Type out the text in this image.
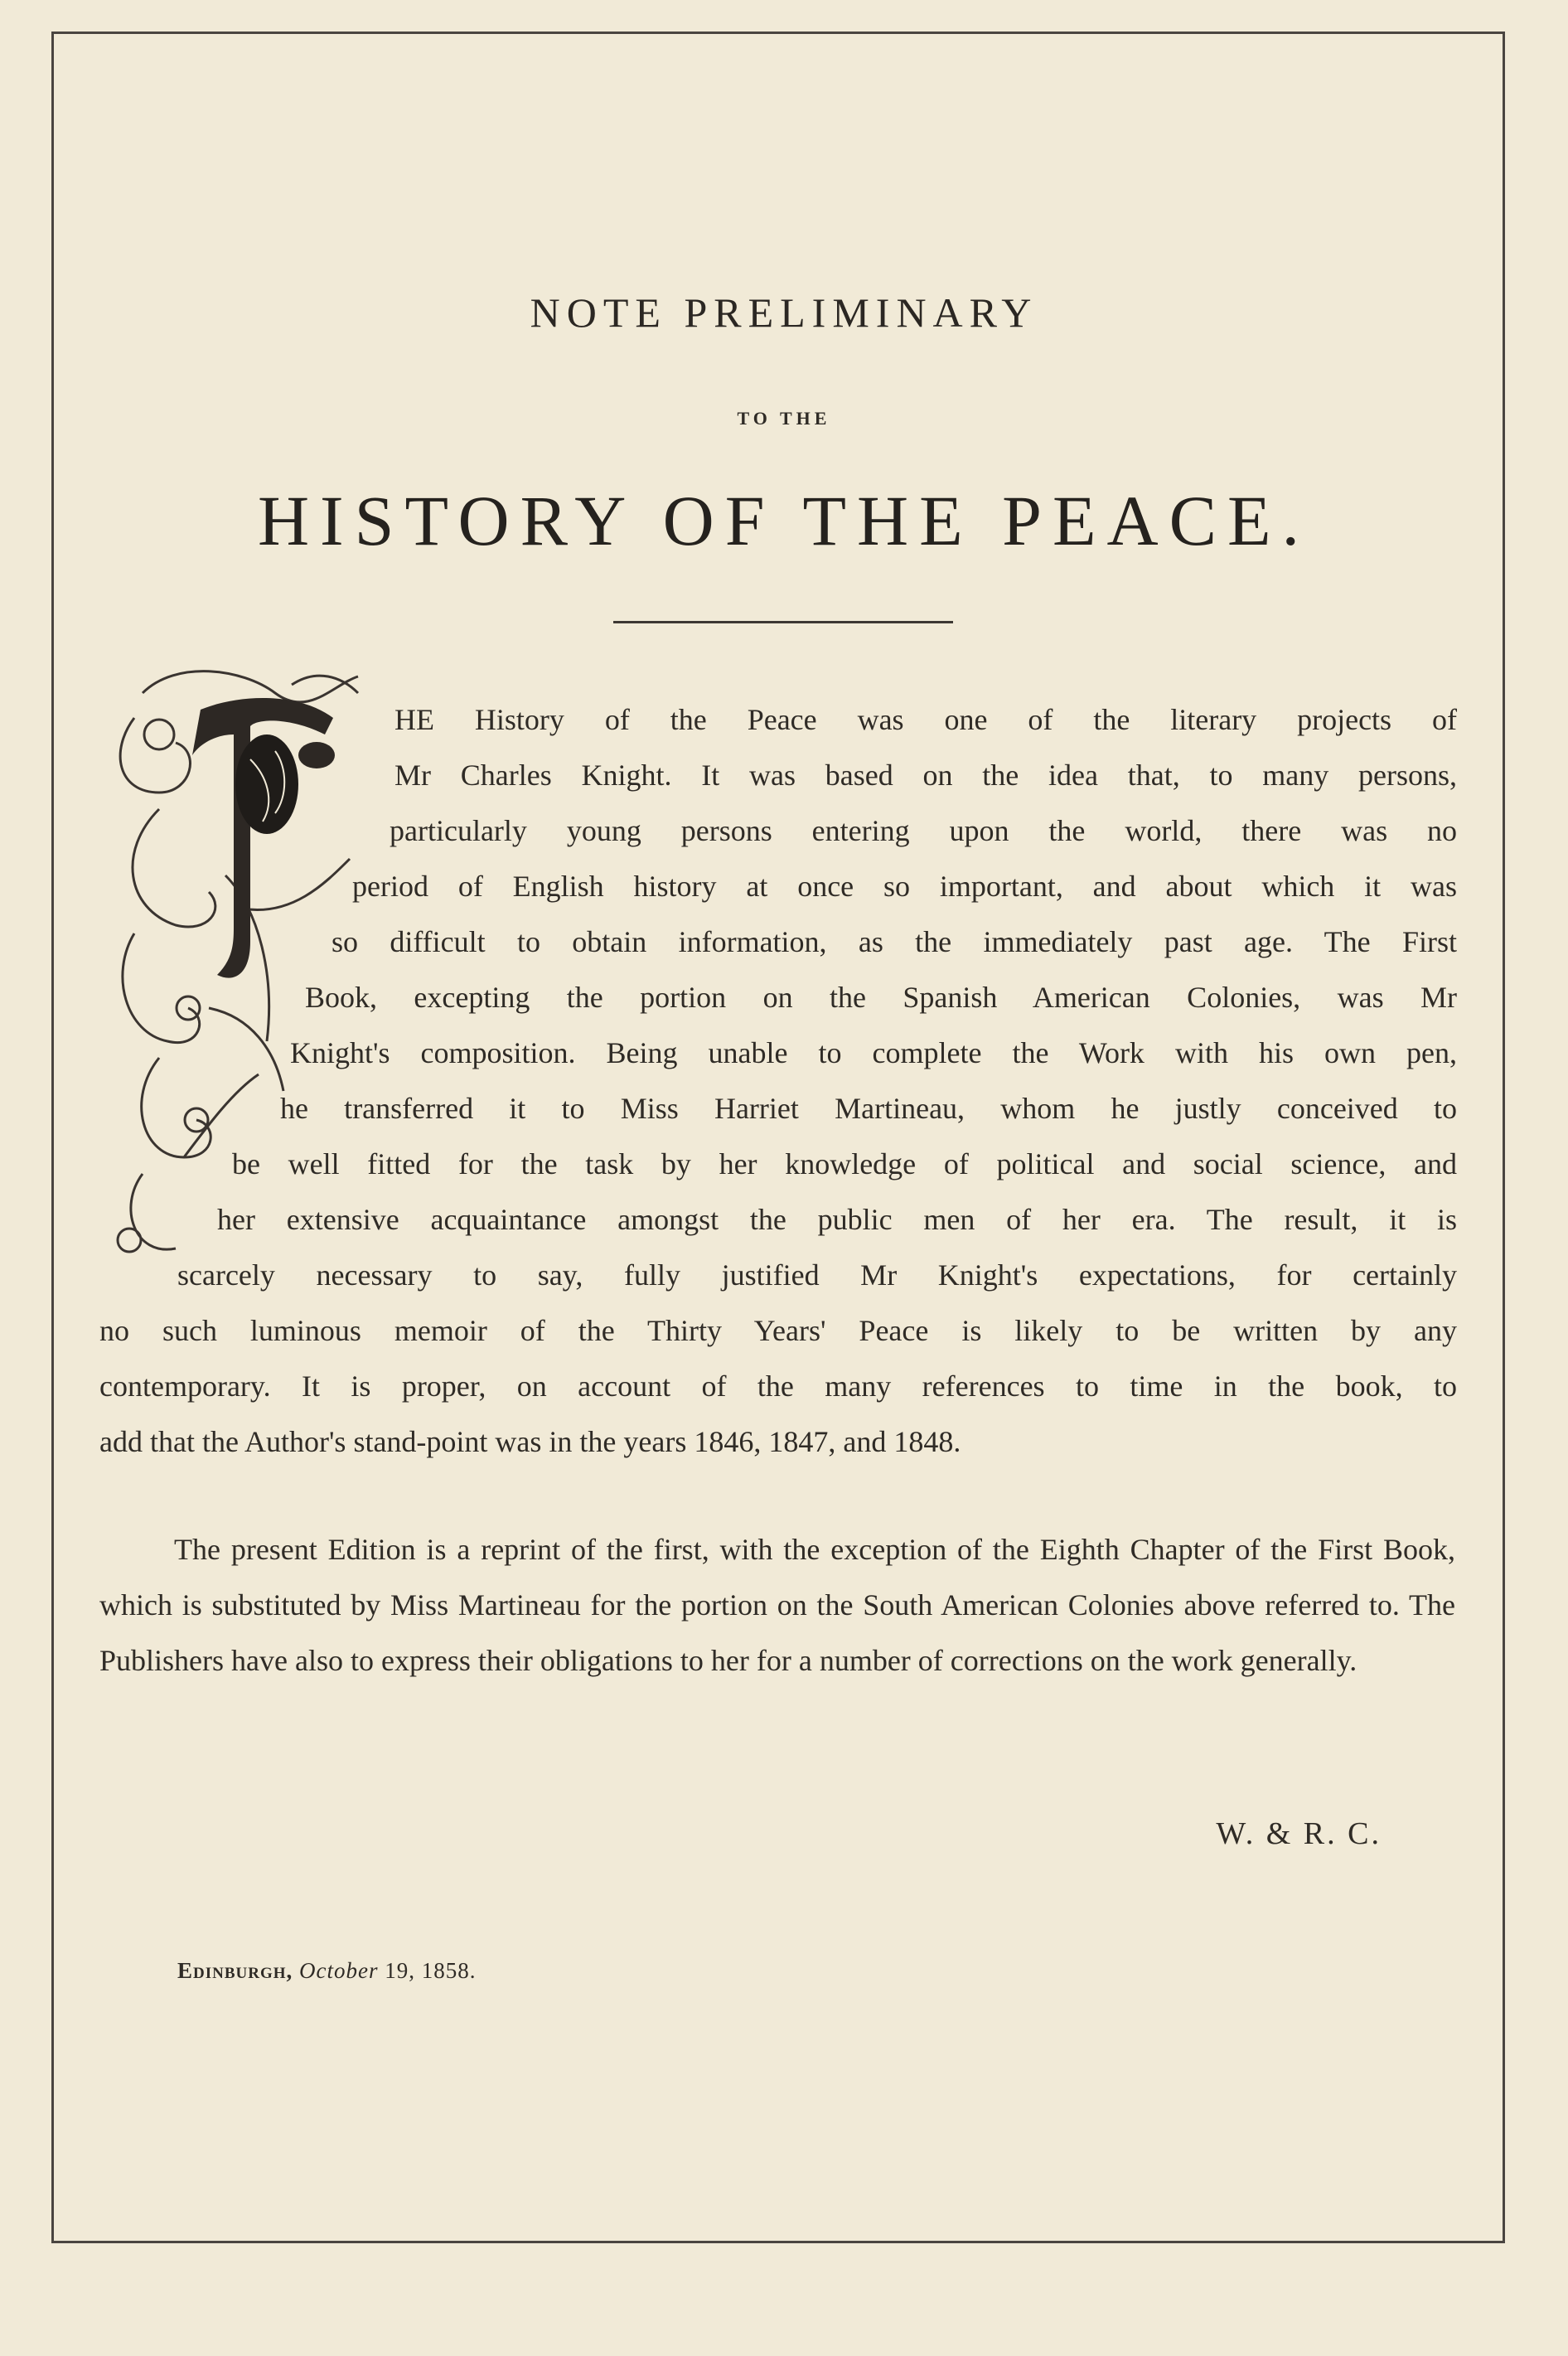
NOTE PRELIMINARY
TO THE
HISTORY OF THE PEACE.
HE History of the Peace was one of the literary projects of
Mr Charles Knight. It was based on the idea that, to many persons,
particularly young persons entering upon the world, there was no
period of English history at once so important, and about which it was
so difficult to obtain information, as the immediately past age. The First
Book, excepting the portion on the Spanish American Colonies, was Mr
Knight's composition. Being unable to complete the Work with his own pen,
he transferred it to Miss Harriet Martineau, whom he justly conceived to
be well fitted for the task by her knowledge of political and social science, and
her extensive acquaintance amongst the public men of her era. The result, it is
scarcely necessary to say, fully justified Mr Knight's expectations, for certainly
no such luminous memoir of the Thirty Years' Peace is likely to be written by any
contemporary. It is proper, on account of the many references to time in the book, to
add that the Author's stand-point was in the years 1846, 1847, and 1848.
The present Edition is a reprint of the first, with the exception of the Eighth Chapter of the First Book, which is substituted by Miss Martineau for the portion on the South American Colonies above referred to. The Publishers have also to express their obligations to her for a number of corrections on the work generally.
W. & R. C.
Edinburgh, October 19, 1858.
